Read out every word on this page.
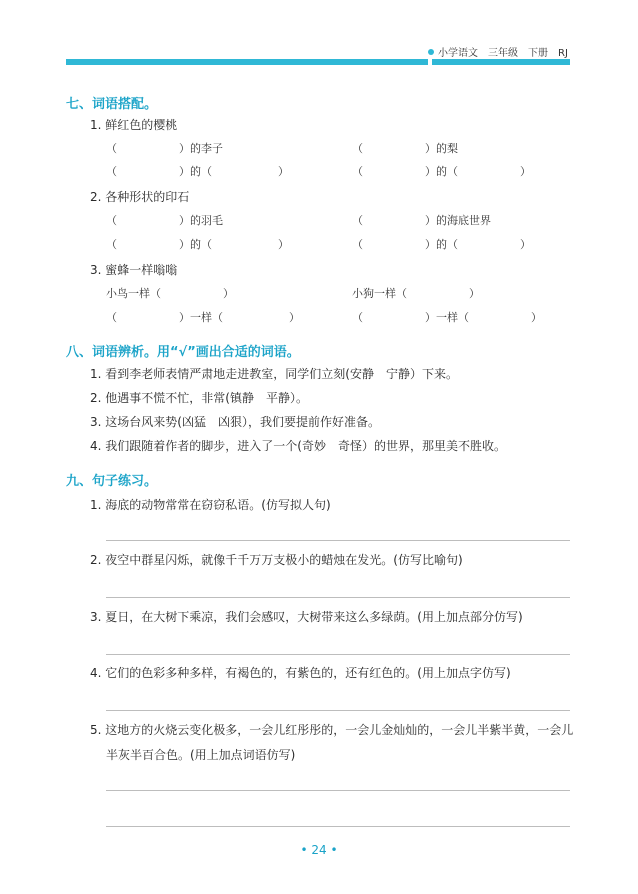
小学语文　三年级　下册　RJ
七、词语搭配。
1. 鲜红色的樱桃
（	）的李子	（	）的梨
（	）的（	）	（	）的（	）
2. 各种形状的印石
（	）的羽毛	（	）的海底世界
（	）的（	）	（	）的（	）
3. 蜜蜂一样嗡嗡
小鸟一样（	）	小狗一样（	）
（	）一样（	）	（	）一样（	）
八、词语辨析。用“√”画出合适的词语。
1. 看到李老师表情严肃地走进教室，同学们立刻(安静　宁静）下来。
2. 他遇事不慌不忙，非常(镇静　平静）。
3. 这场台风来势(凶猛　凶狠），我们要提前作好准备。
4. 我们跟随着作者的脚步，进入了一个(奇妙　奇怪）的世界，那里美不胜收。
九、句子练习。
1. 海底的动物常常在窃窃私语。(仿写拟人句)
2. 夜空中群星闪烁，就像千千万万支极小的蜡烛在发光。(仿写比喻句)
3. 夏日，在大树下乘凉，我们会感叹，大树带来这么多绿荫。(用上加点部分仿写)
4. 它们的色彩多种多样，有褐色的，有紫色的，还有红色的。(用上加点字仿写)
5. 这地方的火烧云变化极多，一会儿红彤彤的，一会儿金灿灿的，一会儿半紫半黄，一会儿
半灰半百合色。(用上加点词语仿写)
• 24 •
